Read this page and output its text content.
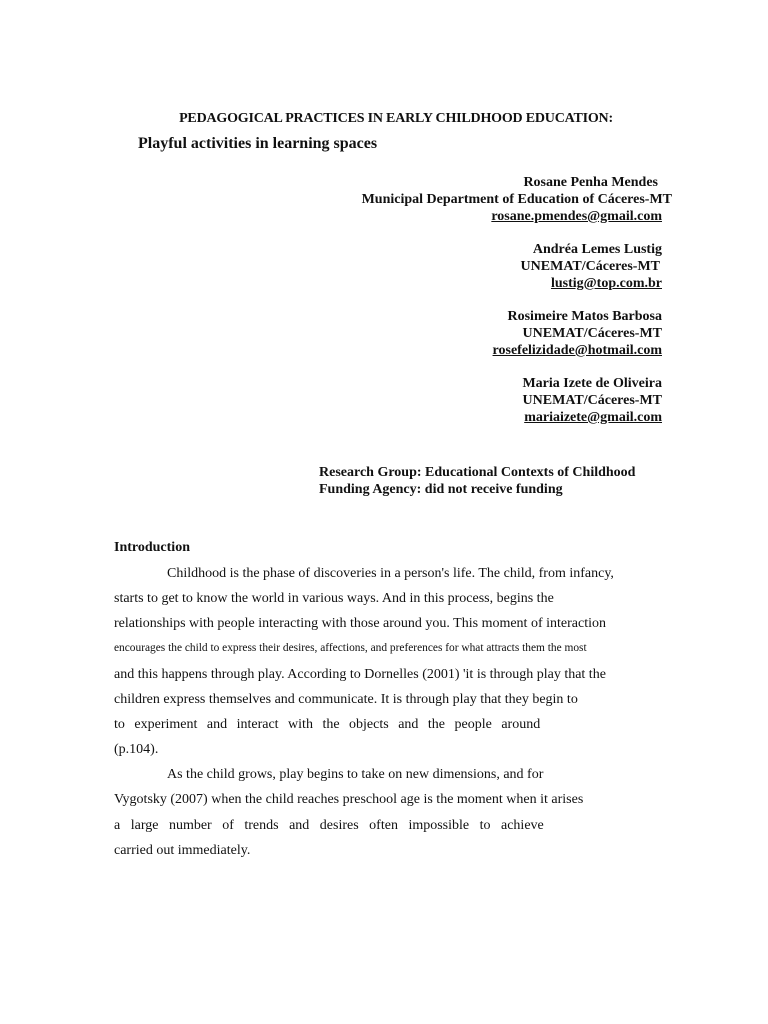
PEDAGOGICAL PRACTICES IN EARLY CHILDHOOD EDUCATION:
Playful activities in learning spaces
Rosane Penha Mendes
Municipal Department of Education of Cáceres-MT
rosane.pmendes@gmail.com
Andréa Lemes Lustig
UNEMAT/Cáceres-MT
lustig@top.com.br
Rosimeire Matos Barbosa
UNEMAT/Cáceres-MT
rosefelizidade@hotmail.com
Maria Izete de Oliveira
UNEMAT/Cáceres-MT
mariaizete@gmail.com
Research Group: Educational Contexts of Childhood
Funding Agency: did not receive funding
Introduction
Childhood is the phase of discoveries in a person's life. The child, from infancy,
starts to get to know the world in various ways. And in this process, begins the
relationships with people interacting with those around you. This moment of interaction
encourages the child to express their desires, affections, and preferences for what attracts them the most
and this happens through play. According to Dornelles (2001) 'it is through play that the
children express themselves and communicate. It is through play that they begin to
to experiment and interact with the objects and the people around
(p.104).
As the child grows, play begins to take on new dimensions, and for
Vygotsky (2007) when the child reaches preschool age is the moment when it arises
a large number of trends and desires often impossible to achieve
carried out immediately.
